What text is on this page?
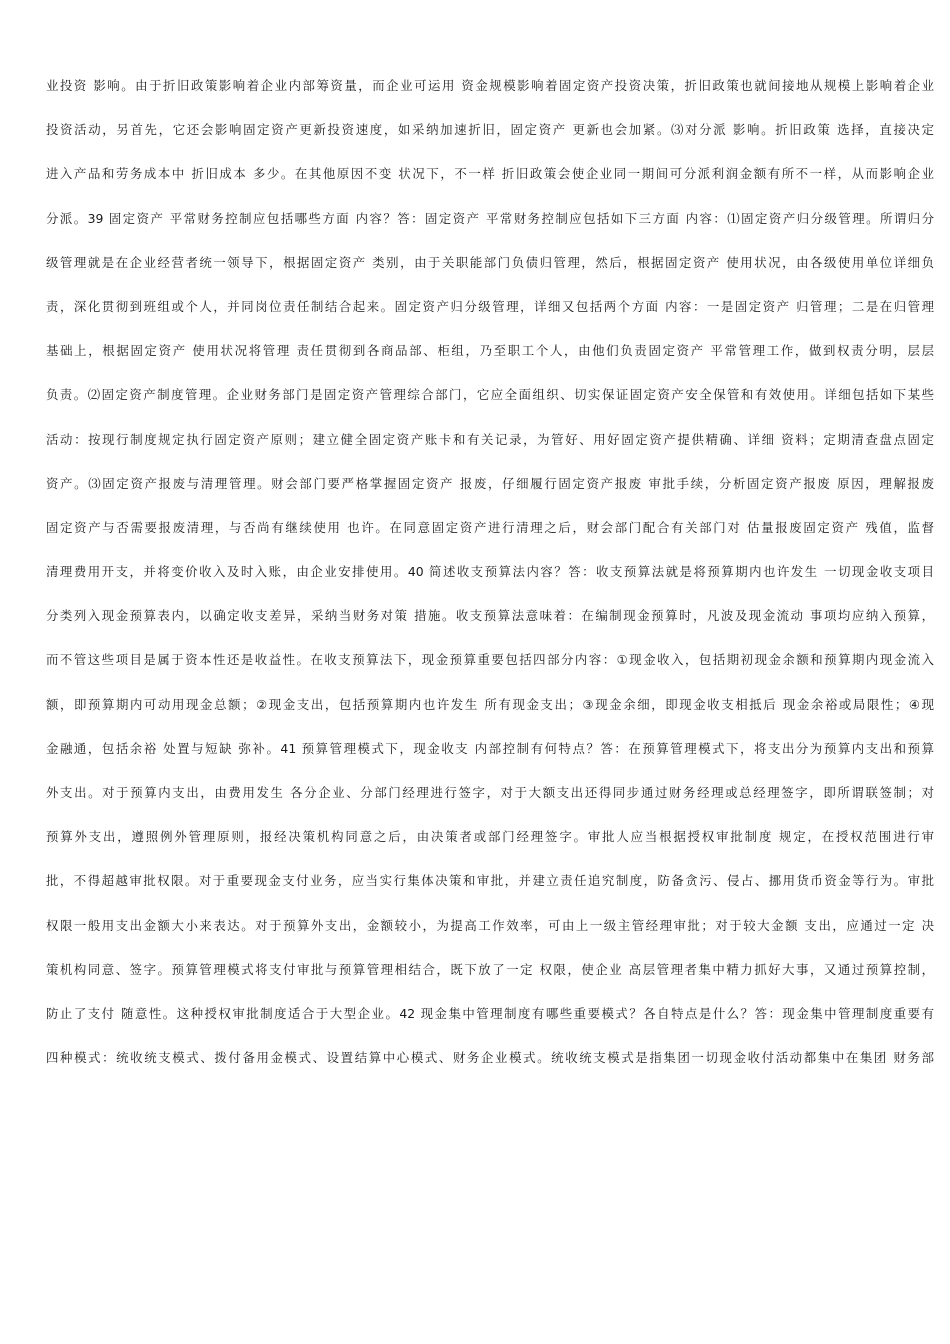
业投资 影响。由于折旧政策影响着企业内部筹资量，而企业可运用 资金规模影响着固定资产投资决策，折旧政策也就间接地从规模上影响着企业
投资活动，另首先，它还会影响固定资产更新投资速度，如采纳加速折旧，固定资产 更新也会加紧。⑶对分派 影响。折旧政策 选择，直接决定
进入产品和劳务成本中 折旧成本 多少。在其他原因不变 状况下，不一样 折旧政策会使企业同一期间可分派利润金额有所不一样，从而影响企业
分派。39 固定资产 平常财务控制应包括哪些方面 内容？答：固定资产 平常财务控制应包括如下三方面 内容：⑴固定资产归分级管理。所谓归分
级管理就是在企业经营者统一领导下，根据固定资产 类别，由于关职能部门负债归管理，然后，根据固定资产 使用状况，由各级使用单位详细负
责，深化贯彻到班组或个人，并同岗位责任制结合起来。固定资产归分级管理，详细又包括两个方面 内容：一是固定资产 归管理；二是在归管理
基础上，根据固定资产 使用状况将管理 责任贯彻到各商品部、柜组，乃至职工个人，由他们负责固定资产 平常管理工作，做到权责分明，层层
负责。⑵固定资产制度管理。企业财务部门是固定资产管理综合部门，它应全面组织、切实保证固定资产安全保管和有效使用。详细包括如下某些
活动：按现行制度规定执行固定资产原则；建立健全固定资产账卡和有关记录，为管好、用好固定资产提供精确、详细 资料；定期清查盘点固定
资产。⑶固定资产报废与清理管理。财会部门要严格掌握固定资产 报废，仔细履行固定资产报废 审批手续，分析固定资产报废 原因，理解报废
固定资产与否需要报废清理，与否尚有继续使用 也许。在同意固定资产进行清理之后，财会部门配合有关部门对 估量报废固定资产 残值，监督
清理费用开支，并将变价收入及时入账，由企业安排使用。40 简述收支预算法内容？答：收支预算法就是将预算期内也许发生 一切现金收支项目
分类列入现金预算表内，以确定收支差异，采纳当财务对策 措施。收支预算法意味着：在编制现金预算时，凡波及现金流动 事项均应纳入预算，
而不管这些项目是属于资本性还是收益性。在收支预算法下，现金预算重要包括四部分内容：①现金收入，包括期初现金余额和预算期内现金流入
额，即预算期内可动用现金总额；②现金支出，包括预算期内也许发生 所有现金支出；③现金余细，即现金收支相抵后 现金余裕或局限性；④现
金融通，包括余裕 处置与短缺 弥补。41 预算管理模式下，现金收支 内部控制有何特点？答：在预算管理模式下，将支出分为预算内支出和预算
外支出。对于预算内支出，由费用发生 各分企业、分部门经理进行签字，对于大额支出还得同步通过财务经理或总经理签字，即所谓联签制；对
预算外支出，遵照例外管理原则，报经决策机构同意之后，由决策者或部门经理签字。审批人应当根据授权审批制度 规定，在授权范围进行审
批，不得超越审批权限。对于重要现金支付业务，应当实行集体决策和审批，并建立责任追究制度，防备贪污、侵占、挪用货币资金等行为。审批
权限一般用支出金额大小来表达。对于预算外支出，金额较小，为提高工作效率，可由上一级主管经理审批；对于较大金额 支出，应通过一定 决
策机构同意、签字。预算管理模式将支付审批与预算管理相结合，既下放了一定 权限，使企业 高层管理者集中精力抓好大事，又通过预算控制，
防止了支付 随意性。这种授权审批制度适合于大型企业。42 现金集中管理制度有哪些重要模式？各自特点是什么？答：现金集中管理制度重要有
四种模式：统收统支模式、拨付备用金模式、设置结算中心模式、财务企业模式。统收统支模式是指集团一切现金收付活动都集中在集团 财务部
